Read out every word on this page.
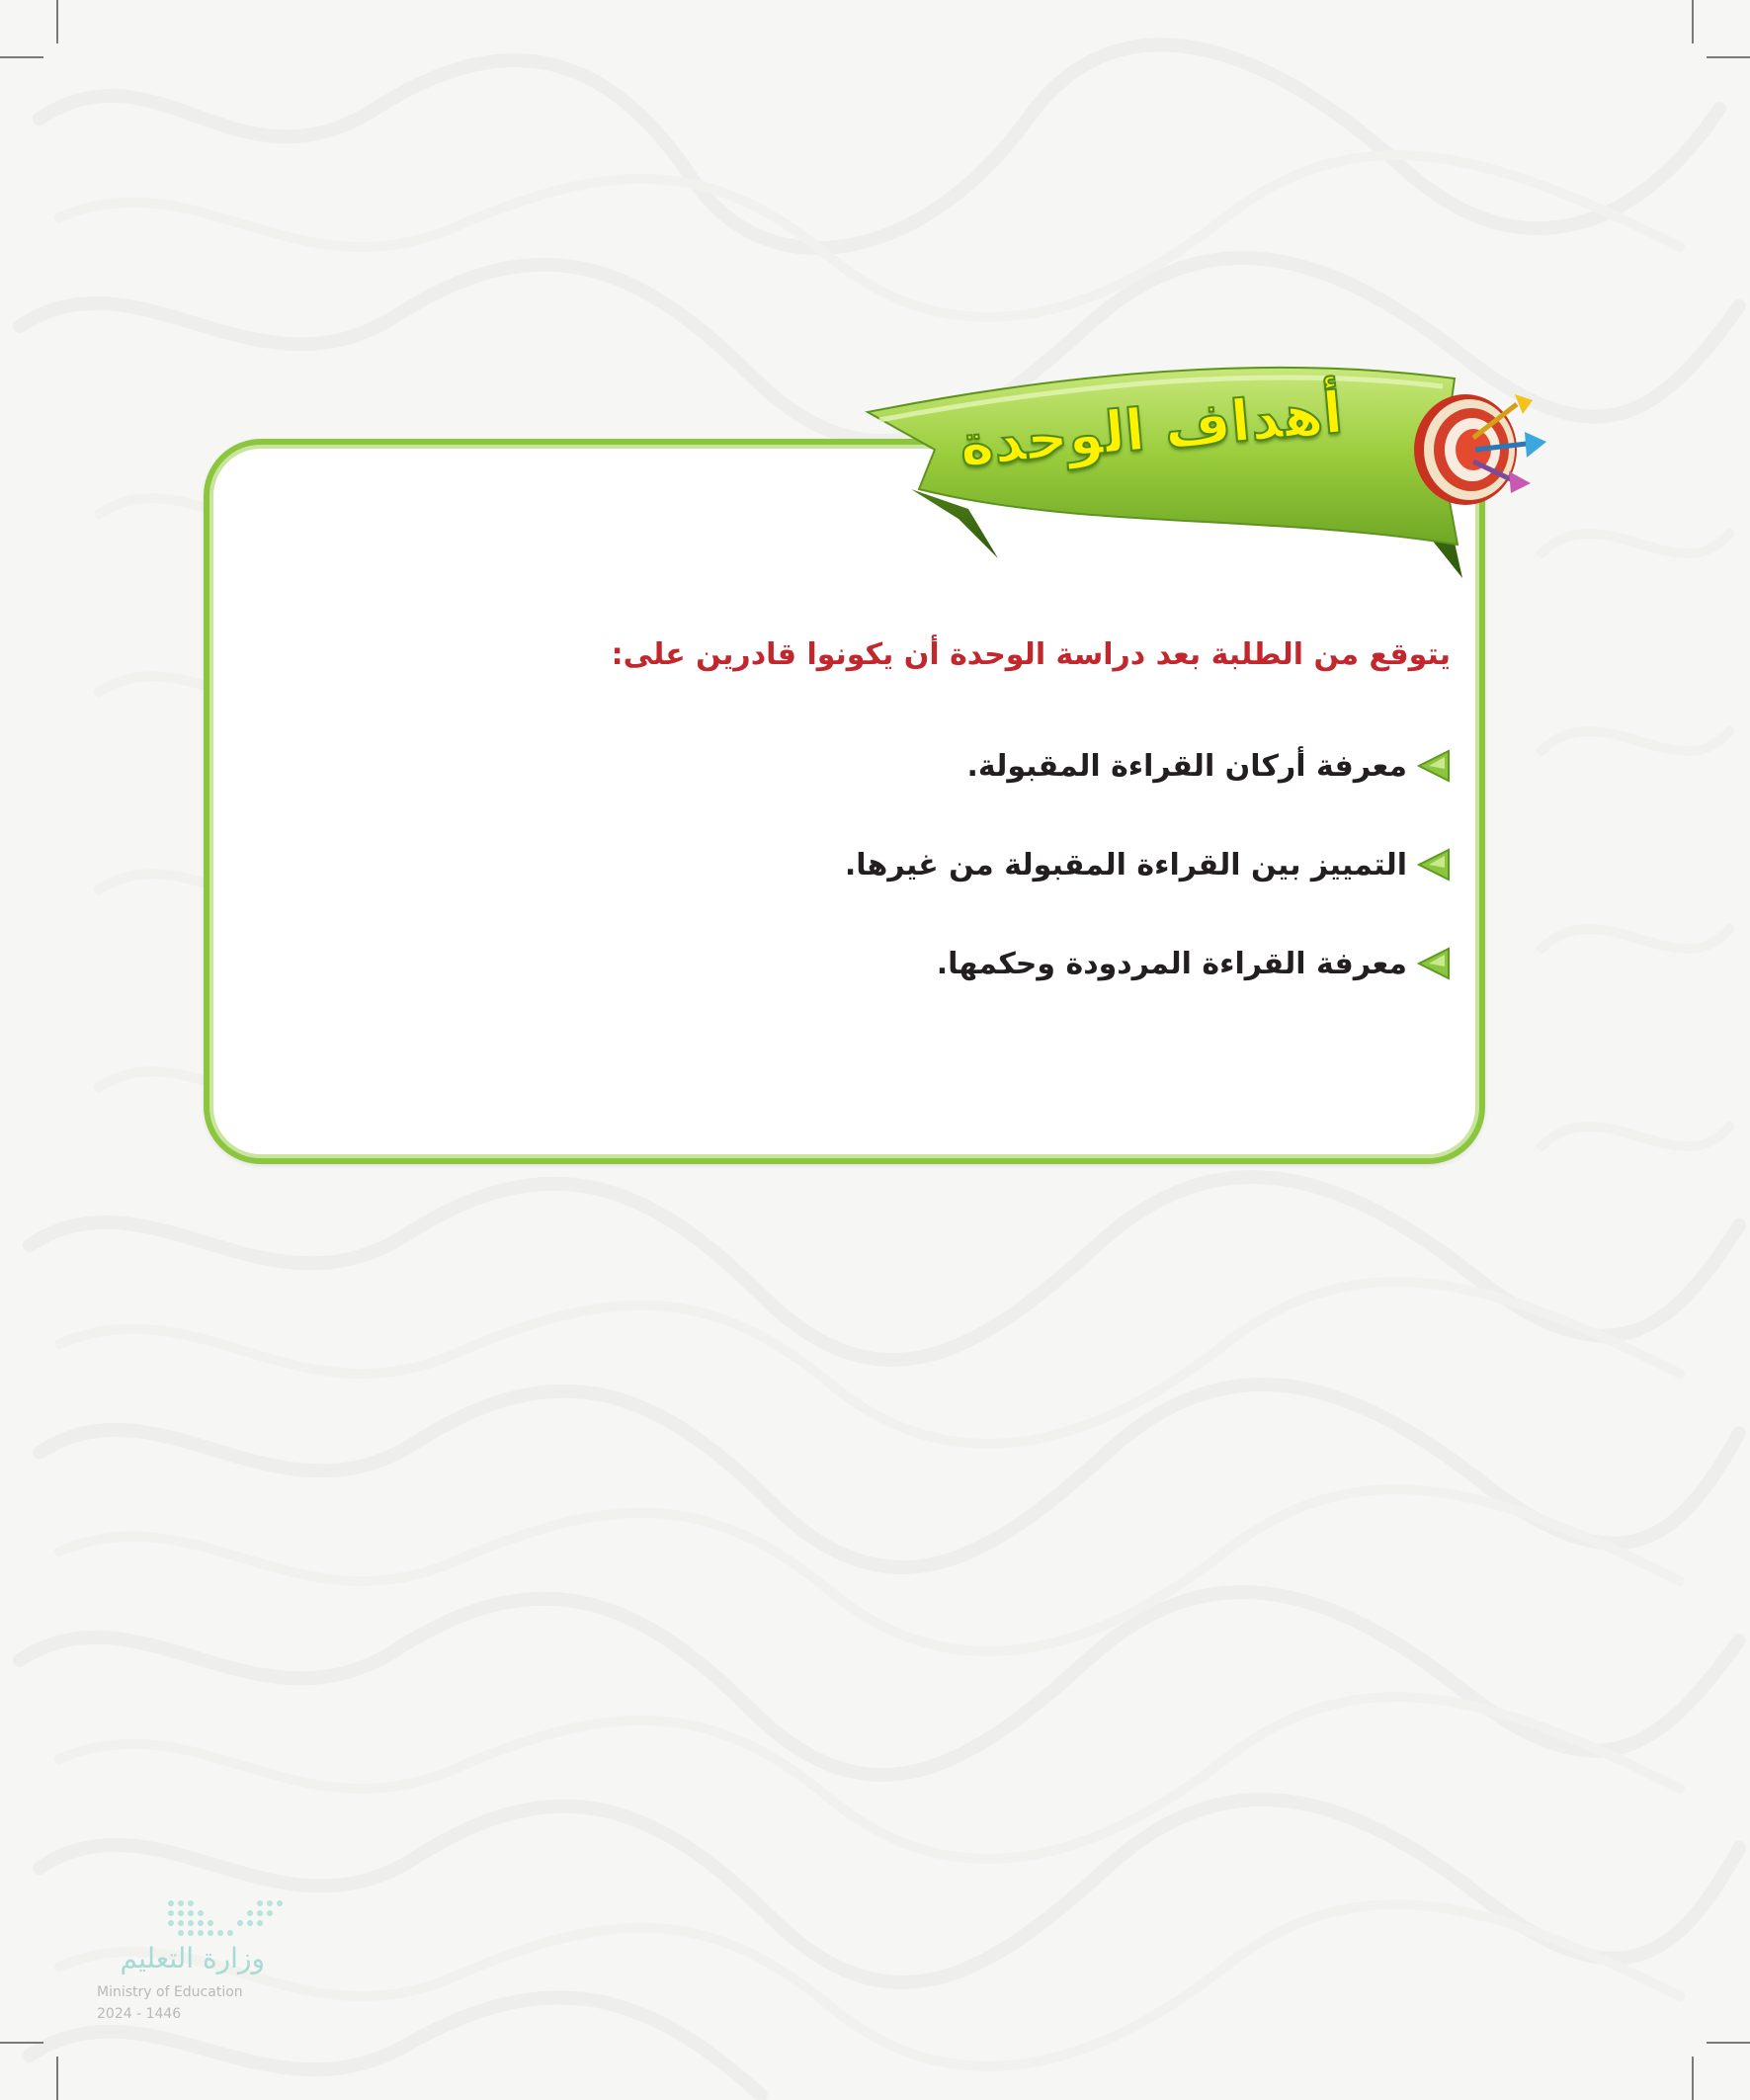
أهداف الوحدة
يتوقع من الطلبة بعد دراسة الوحدة أن يكونوا قادرين على:
معرفة أركان القراءة المقبولة.
التمييز بين القراءة المقبولة من غيرها.
معرفة القراءة المردودة وحكمها.
وزارة التعليم
Ministry of Education
2024 - 1446
